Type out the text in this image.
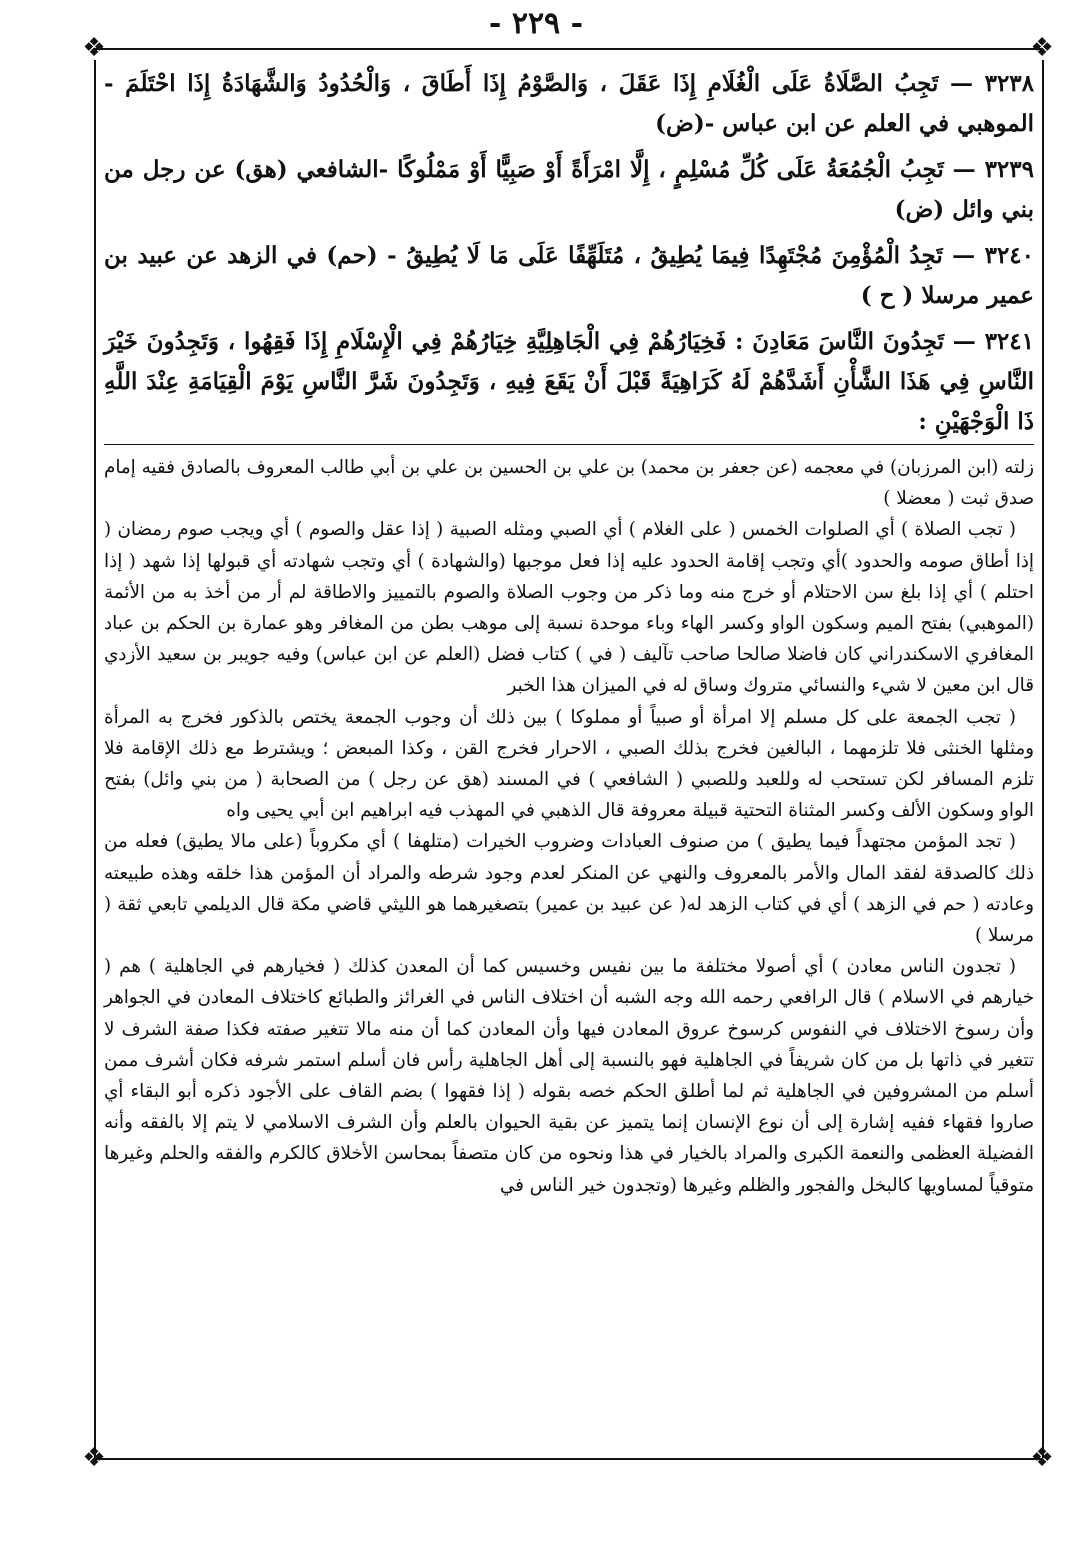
- ٢٢٩ -
❖	❖
❖	❖

٣٢٣٨ — تَجِبُ الصَّلَاةُ عَلَى الْغُلَامِ إِذَا عَقَلَ ، وَالصَّوْمُ إِذَا أَطَاقَ ، وَالْحُدُودُ وَالشَّهَادَةُ إِذَا احْتَلَمَ - الموهبي في العلم عن ابن عباس -(ض)

٣٢٣٩ — تَجِبُ الْجُمُعَةُ عَلَى كُلِّ مُسْلِمٍ ، إِلَّا امْرَأَةً أَوْ صَبِيًّا أَوْ مَمْلُوكًا -الشافعي (هق) عن رجل من بني وائل (ض)

٣٢٤٠ — تَجِدُ الْمُؤْمِنَ مُجْتَهِدًا فِيمَا يُطِيقُ ، مُتَلَهِّفًا عَلَى مَا لَا يُطِيقُ - (حم) في الزهد عن عبيد بن عمير مرسلا ( ح )

٣٢٤١ — تَجِدُونَ النَّاسَ مَعَادِنَ : فَخِيَارُهُمْ فِي الْجَاهِلِيَّةِ خِيَارُهُمْ فِي الْإِسْلَامِ إِذَا فَقِهُوا ، وَتَجِدُونَ خَيْرَ النَّاسِ فِي هَذَا الشَّأْنِ أَشَدَّهُمْ لَهُ كَرَاهِيَةً قَبْلَ أَنْ يَقَعَ فِيهِ ، وَتَجِدُونَ شَرَّ النَّاسِ يَوْمَ الْقِيَامَةِ عِنْدَ اللَّهِ ذَا الْوَجْهَيْنِ :

زلته (ابن المرزبان) في معجمه (عن جعفر بن محمد) بن علي بن الحسين بن علي بن أبي طالب المعروف بالصادق فقيه إمام صدق ثبت ( معضلا )

( تجب الصلاة ) أي الصلوات الخمس ( على الغلام ) أي الصبي ومثله الصبية ( إذا عقل والصوم ) أي ويجب صوم رمضان ( إذا أطاق صومه والحدود )أي وتجب إقامة الحدود عليه إذا فعل موجبها (والشهادة ) أي وتجب شهادته أي قبولها إذا شهد ( إذا احتلم ) أي إذا بلغ سن الاحتلام أو خرج منه وما ذكر من وجوب الصلاة والصوم بالتمييز والاطاقة لم أر من أخذ به من الأئمة (الموهبي) بفتح الميم وسكون الواو وكسر الهاء وباء موحدة نسبة إلى موهب بطن من المغافر وهو عمارة بن الحكم بن عباد المغافري الاسكندراني كان فاضلا صالحا صاحب تآليف ( في ) كتاب فضل (العلم عن ابن عباس) وفيه جويبر بن سعيد الأزدي قال ابن معين لا شيء والنسائي متروك وساق له في الميزان هذا الخبر

( تجب الجمعة على كل مسلم إلا امرأة أو صبياً أو مملوكا ) بين ذلك أن وجوب الجمعة يختص بالذكور فخرج به المرأة ومثلها الخنثى فلا تلزمهما ، البالغين فخرج بذلك الصبي ، الاحرار فخرج القن ، وكذا المبعض ؛ ويشترط مع ذلك الإقامة فلا تلزم المسافر لكن تستحب له وللعبد وللصبي ( الشافعي ) في المسند (هق عن رجل ) من الصحابة ( من بني وائل) بفتح الواو وسكون الألف وكسر المثناة التحتية قبيلة معروفة قال الذهبي في المهذب فيه ابراهيم ابن أبي يحيى واه

( تجد المؤمن مجتهداً فيما يطيق ) من صنوف العبادات وضروب الخيرات (متلهفا ) أي مكروباً (على مالا يطيق) فعله من ذلك كالصدقة لفقد المال والأمر بالمعروف والنهي عن المنكر لعدم وجود شرطه والمراد أن المؤمن هذا خلقه وهذه طبيعته وعادته ( حم في الزهد ) أي في كتاب الزهد له( عن عبيد بن عمير) بتصغيرهما هو الليثي قاضي مكة قال الديلمي تابعي ثقة ( مرسلا )

( تجدون الناس معادن ) أي أصولا مختلفة ما بين نفيس وخسيس كما أن المعدن كذلك ( فخيارهم في الجاهلية ) هم ( خيارهم في الاسلام ) قال الرافعي رحمه الله وجه الشبه أن اختلاف الناس في الغرائز والطبائع كاختلاف المعادن في الجواهر وأن رسوخ الاختلاف في النفوس كرسوخ عروق المعادن فيها وأن المعادن كما أن منه مالا تتغير صفته فكذا صفة الشرف لا تتغير في ذاتها بل من كان شريفاً في الجاهلية فهو بالنسبة إلى أهل الجاهلية رأس فان أسلم استمر شرفه فكان أشرف ممن أسلم من المشروفين في الجاهلية ثم لما أطلق الحكم خصه بقوله ( إذا فقهوا ) بضم القاف على الأجود ذكره أبو البقاء أي صاروا فقهاء ففيه إشارة إلى أن نوع الإنسان إنما يتميز عن بقية الحيوان بالعلم وأن الشرف الاسلامي لا يتم إلا بالفقه وأنه الفضيلة العظمى والنعمة الكبرى والمراد بالخيار في هذا ونحوه من كان متصفاً بمحاسن الأخلاق كالكرم والفقه والحلم وغيرها متوقياً لمساويها كالبخل والفجور والظلم وغيرها (وتجدون خير الناس في
